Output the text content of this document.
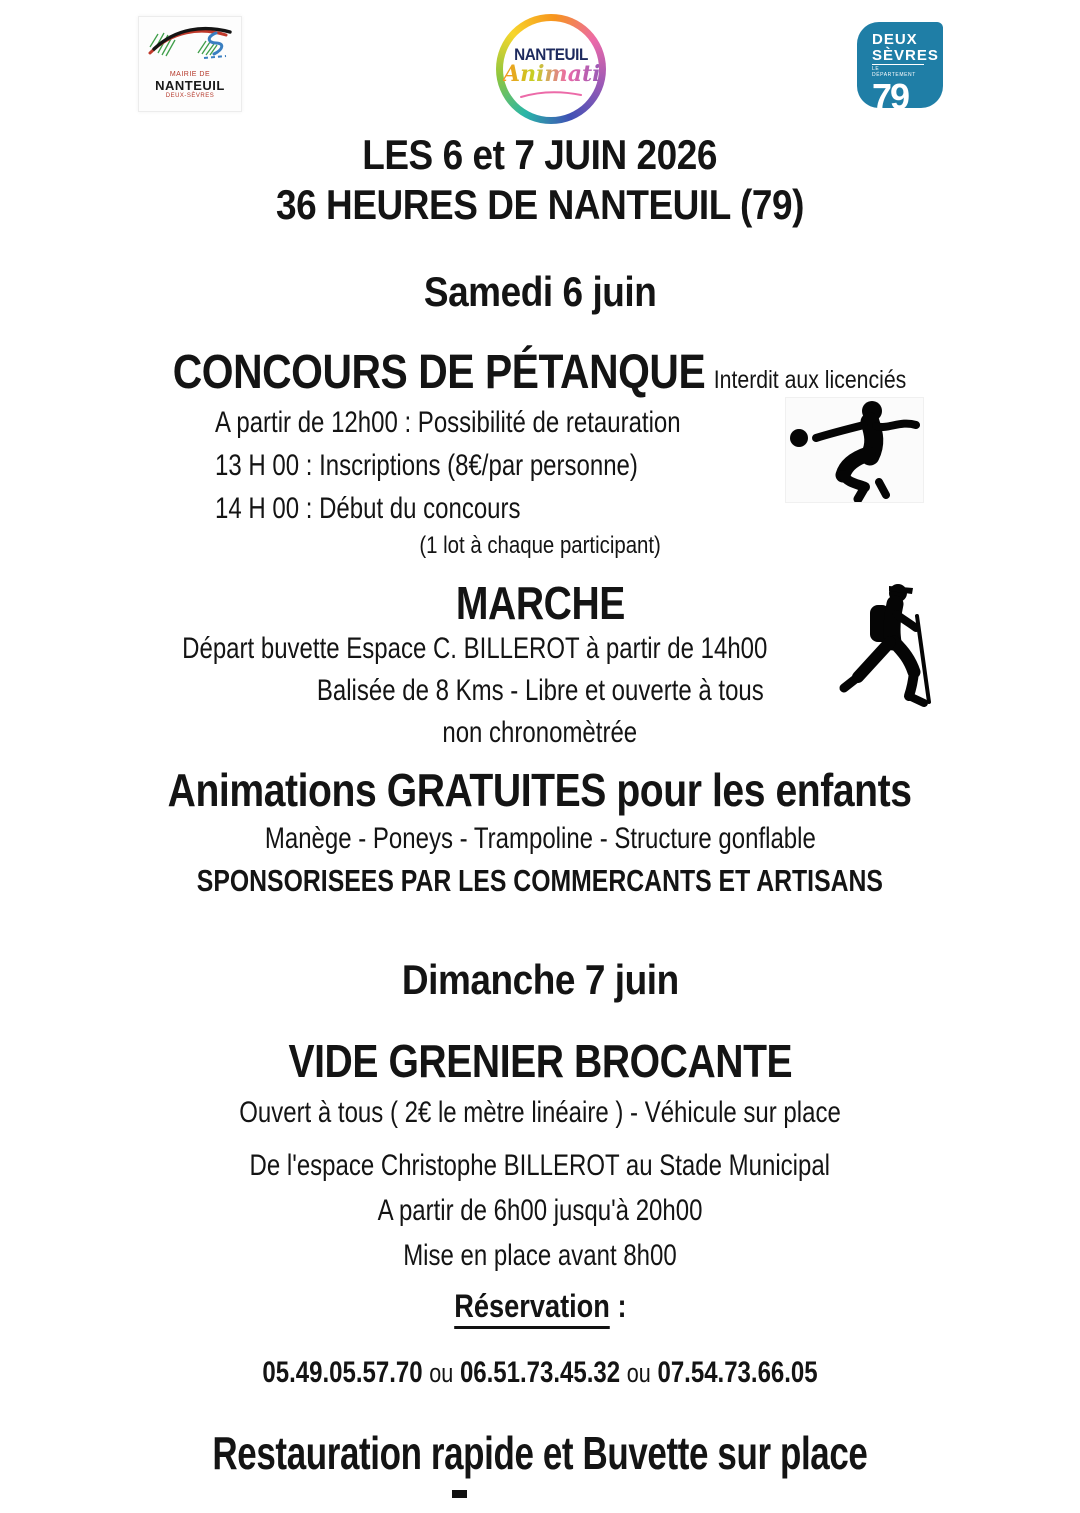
MAIRIE DE
NANTEUIL
DEUX-SÈVRES
NANTEUIL
Animation
DEUX
SÈVRES
LE DÉPARTEMENT
79
LES 6 et 7 JUIN 2026
36 HEURES DE NANTEUIL (79)
Samedi 6 juin
CONCOURS DE PÉTANQUE Interdit aux licenciés
A partir de 12h00 : Possibilité de retauration
13 H 00 : Inscriptions (8€/par personne)
14 H 00 : Début du concours
(1 lot à chaque participant)
MARCHE
Départ buvette Espace C. BILLEROT à partir de 14h00
Balisée de 8 Kms - Libre et ouverte à tous
non chronomètrée
Animations GRATUITES pour les enfants
Manège - Poneys - Trampoline - Structure gonflable
SPONSORISEES PAR LES COMMERCANTS ET ARTISANS
Dimanche 7 juin
VIDE GRENIER BROCANTE
Ouvert à tous ( 2€ le mètre linéaire ) - Véhicule sur place
De l'espace Christophe BILLEROT au Stade Municipal
A partir de 6h00 jusqu'à 20h00
Mise en place avant 8h00
Réservation :
05.49.05.57.70 ou 06.51.73.45.32 ou 07.54.73.66.05
Restauration rapide et Buvette sur place
